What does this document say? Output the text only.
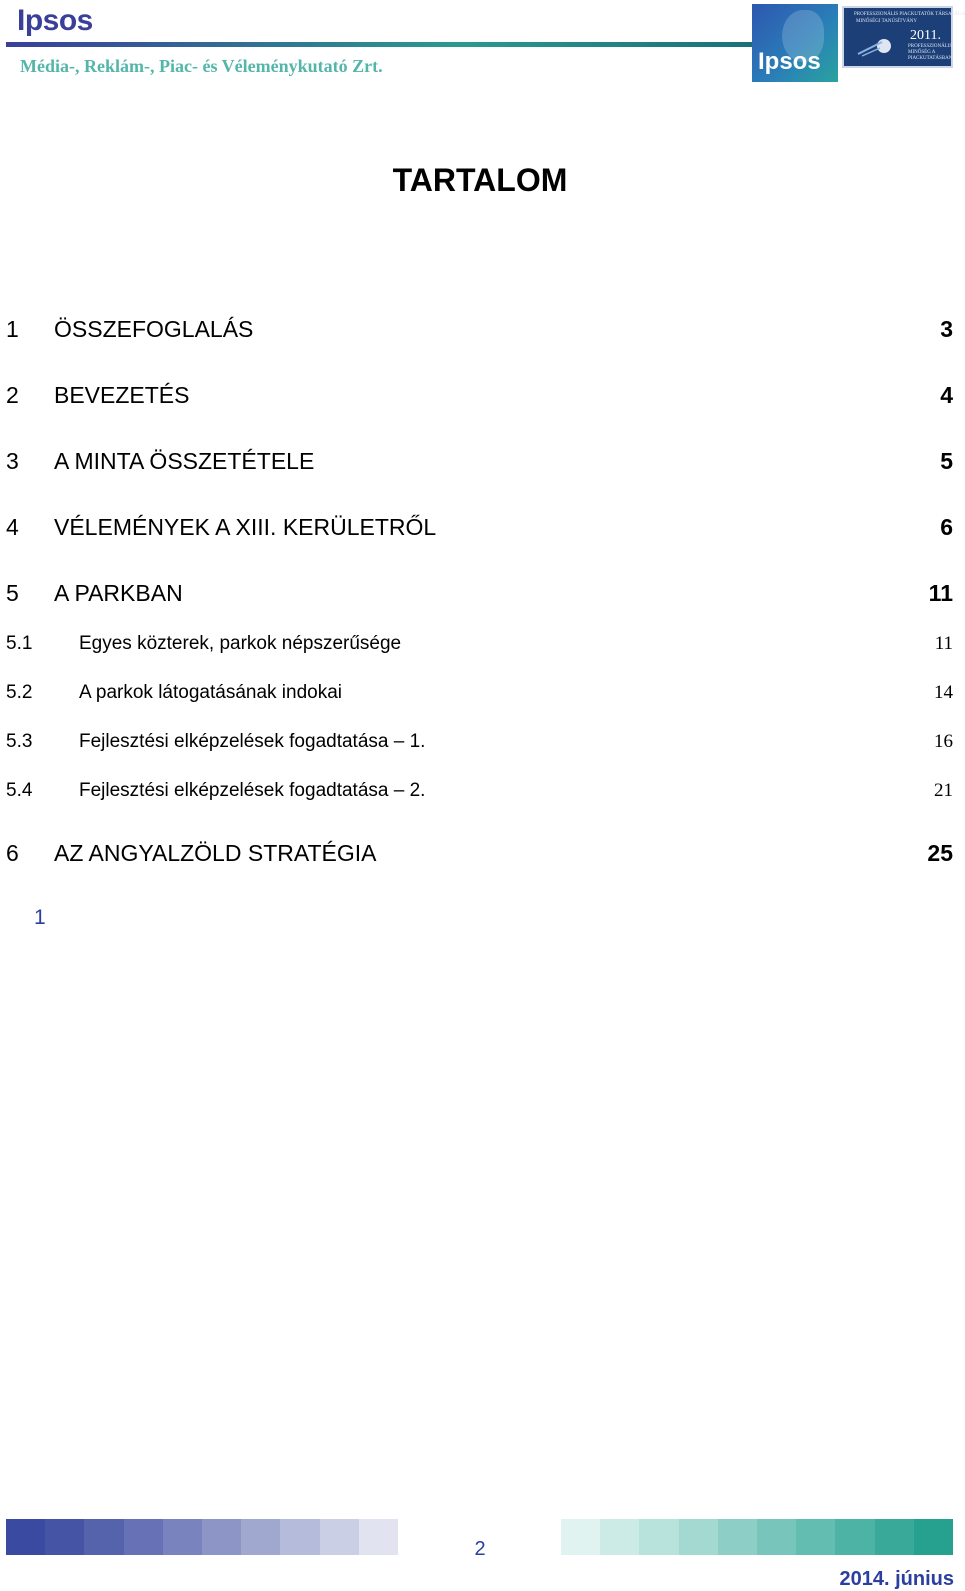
Ipsos
Média-, Reklám-, Piac- és Véleménykutató Zrt.	Ipsos
PROFESSZIONÁLIS PIACKUTATÓK TÁRSASÁGA
MINŐSÉGI TANÚSÍTVÁNY
2011.
PROFESSZIONÁLIS MINŐSÉG A PIACKUTATÁSBAN
TARTALOM
1 ÖSSZEFOGLALÁS	3
2 BEVEZETÉS	4
3 A MINTA ÖSSZETÉTELE	5
4 VÉLEMÉNYEK A XIII. KERÜLETRŐL	6
5 A PARKBAN	11
5.1 Egyes közterek, parkok népszerűsége	11
5.2 A parkok látogatásának indokai	14
5.3 Fejlesztési elképzelések fogadtatása – 1.	16
5.4 Fejlesztési elképzelések fogadtatása – 2.	21
6 AZ ANGYALZÖLD STRATÉGIA	25
1
2
2014. június
